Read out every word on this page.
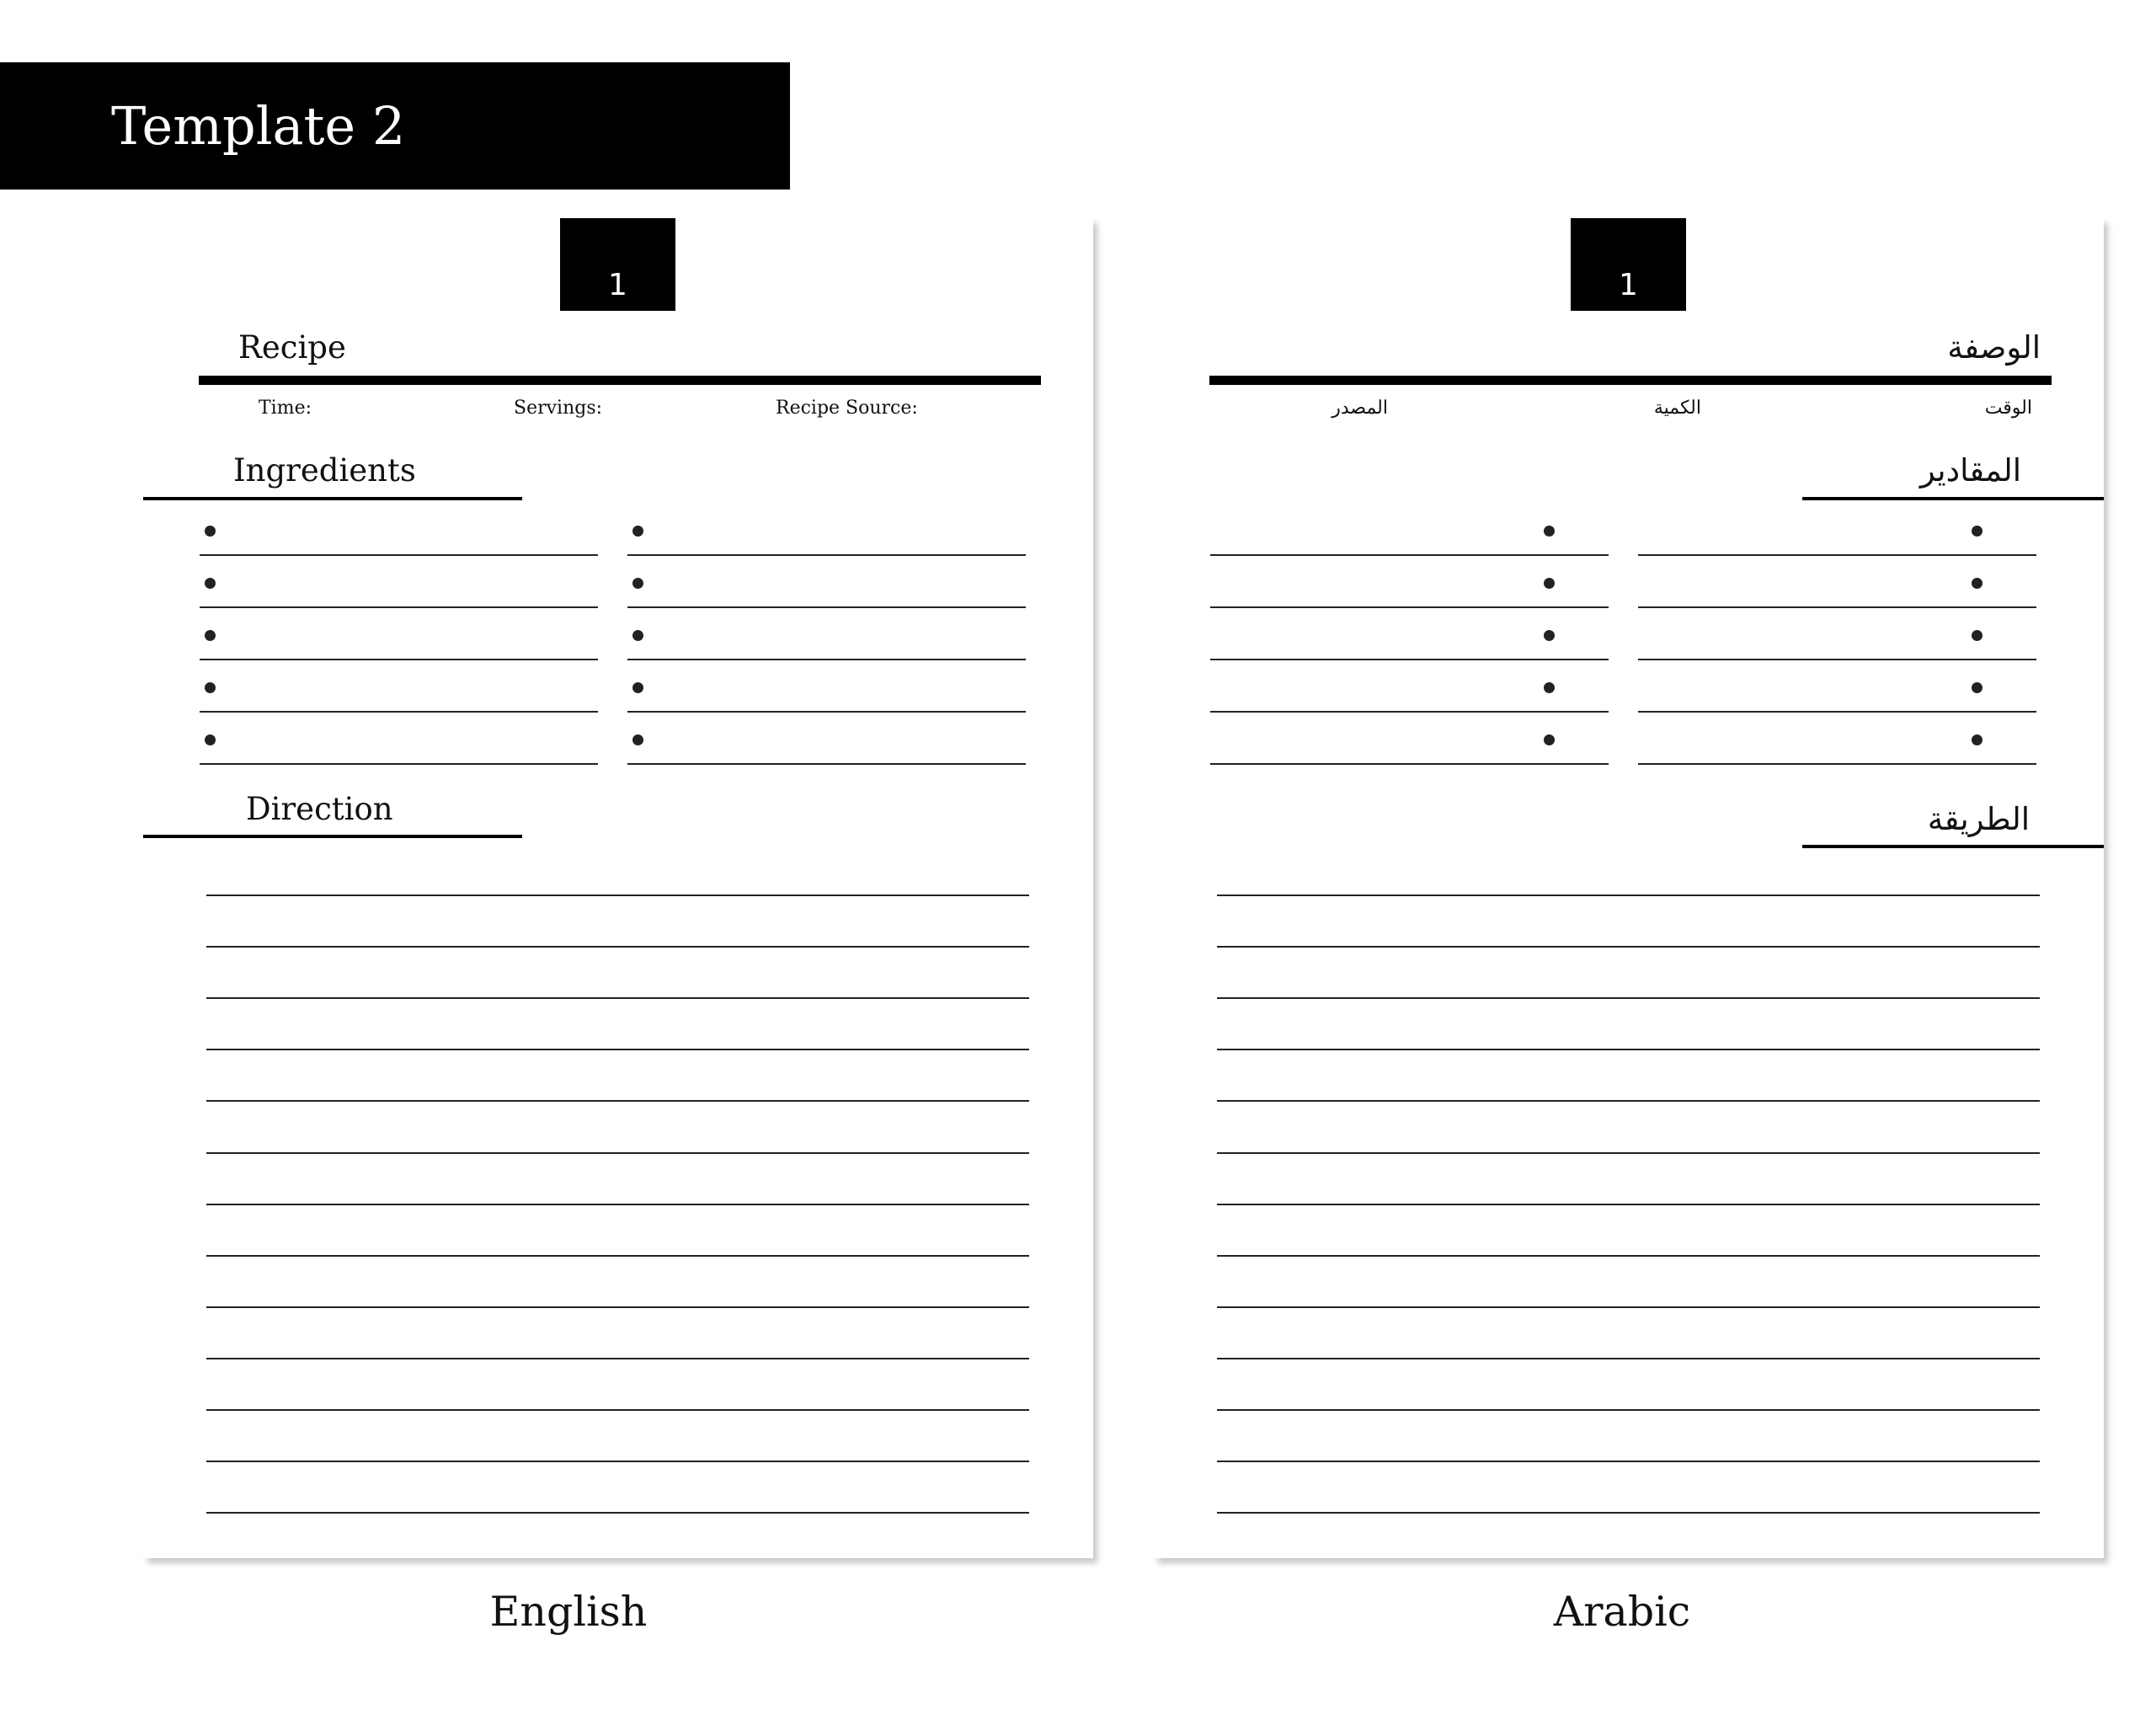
Template 2
1
Recipe
Time:	Servings:	Recipe Source:
Ingredients
Direction
1
الوصفة
الوقت
الكمية
المصدر
المقادير
الطريقة
English	Arabic
